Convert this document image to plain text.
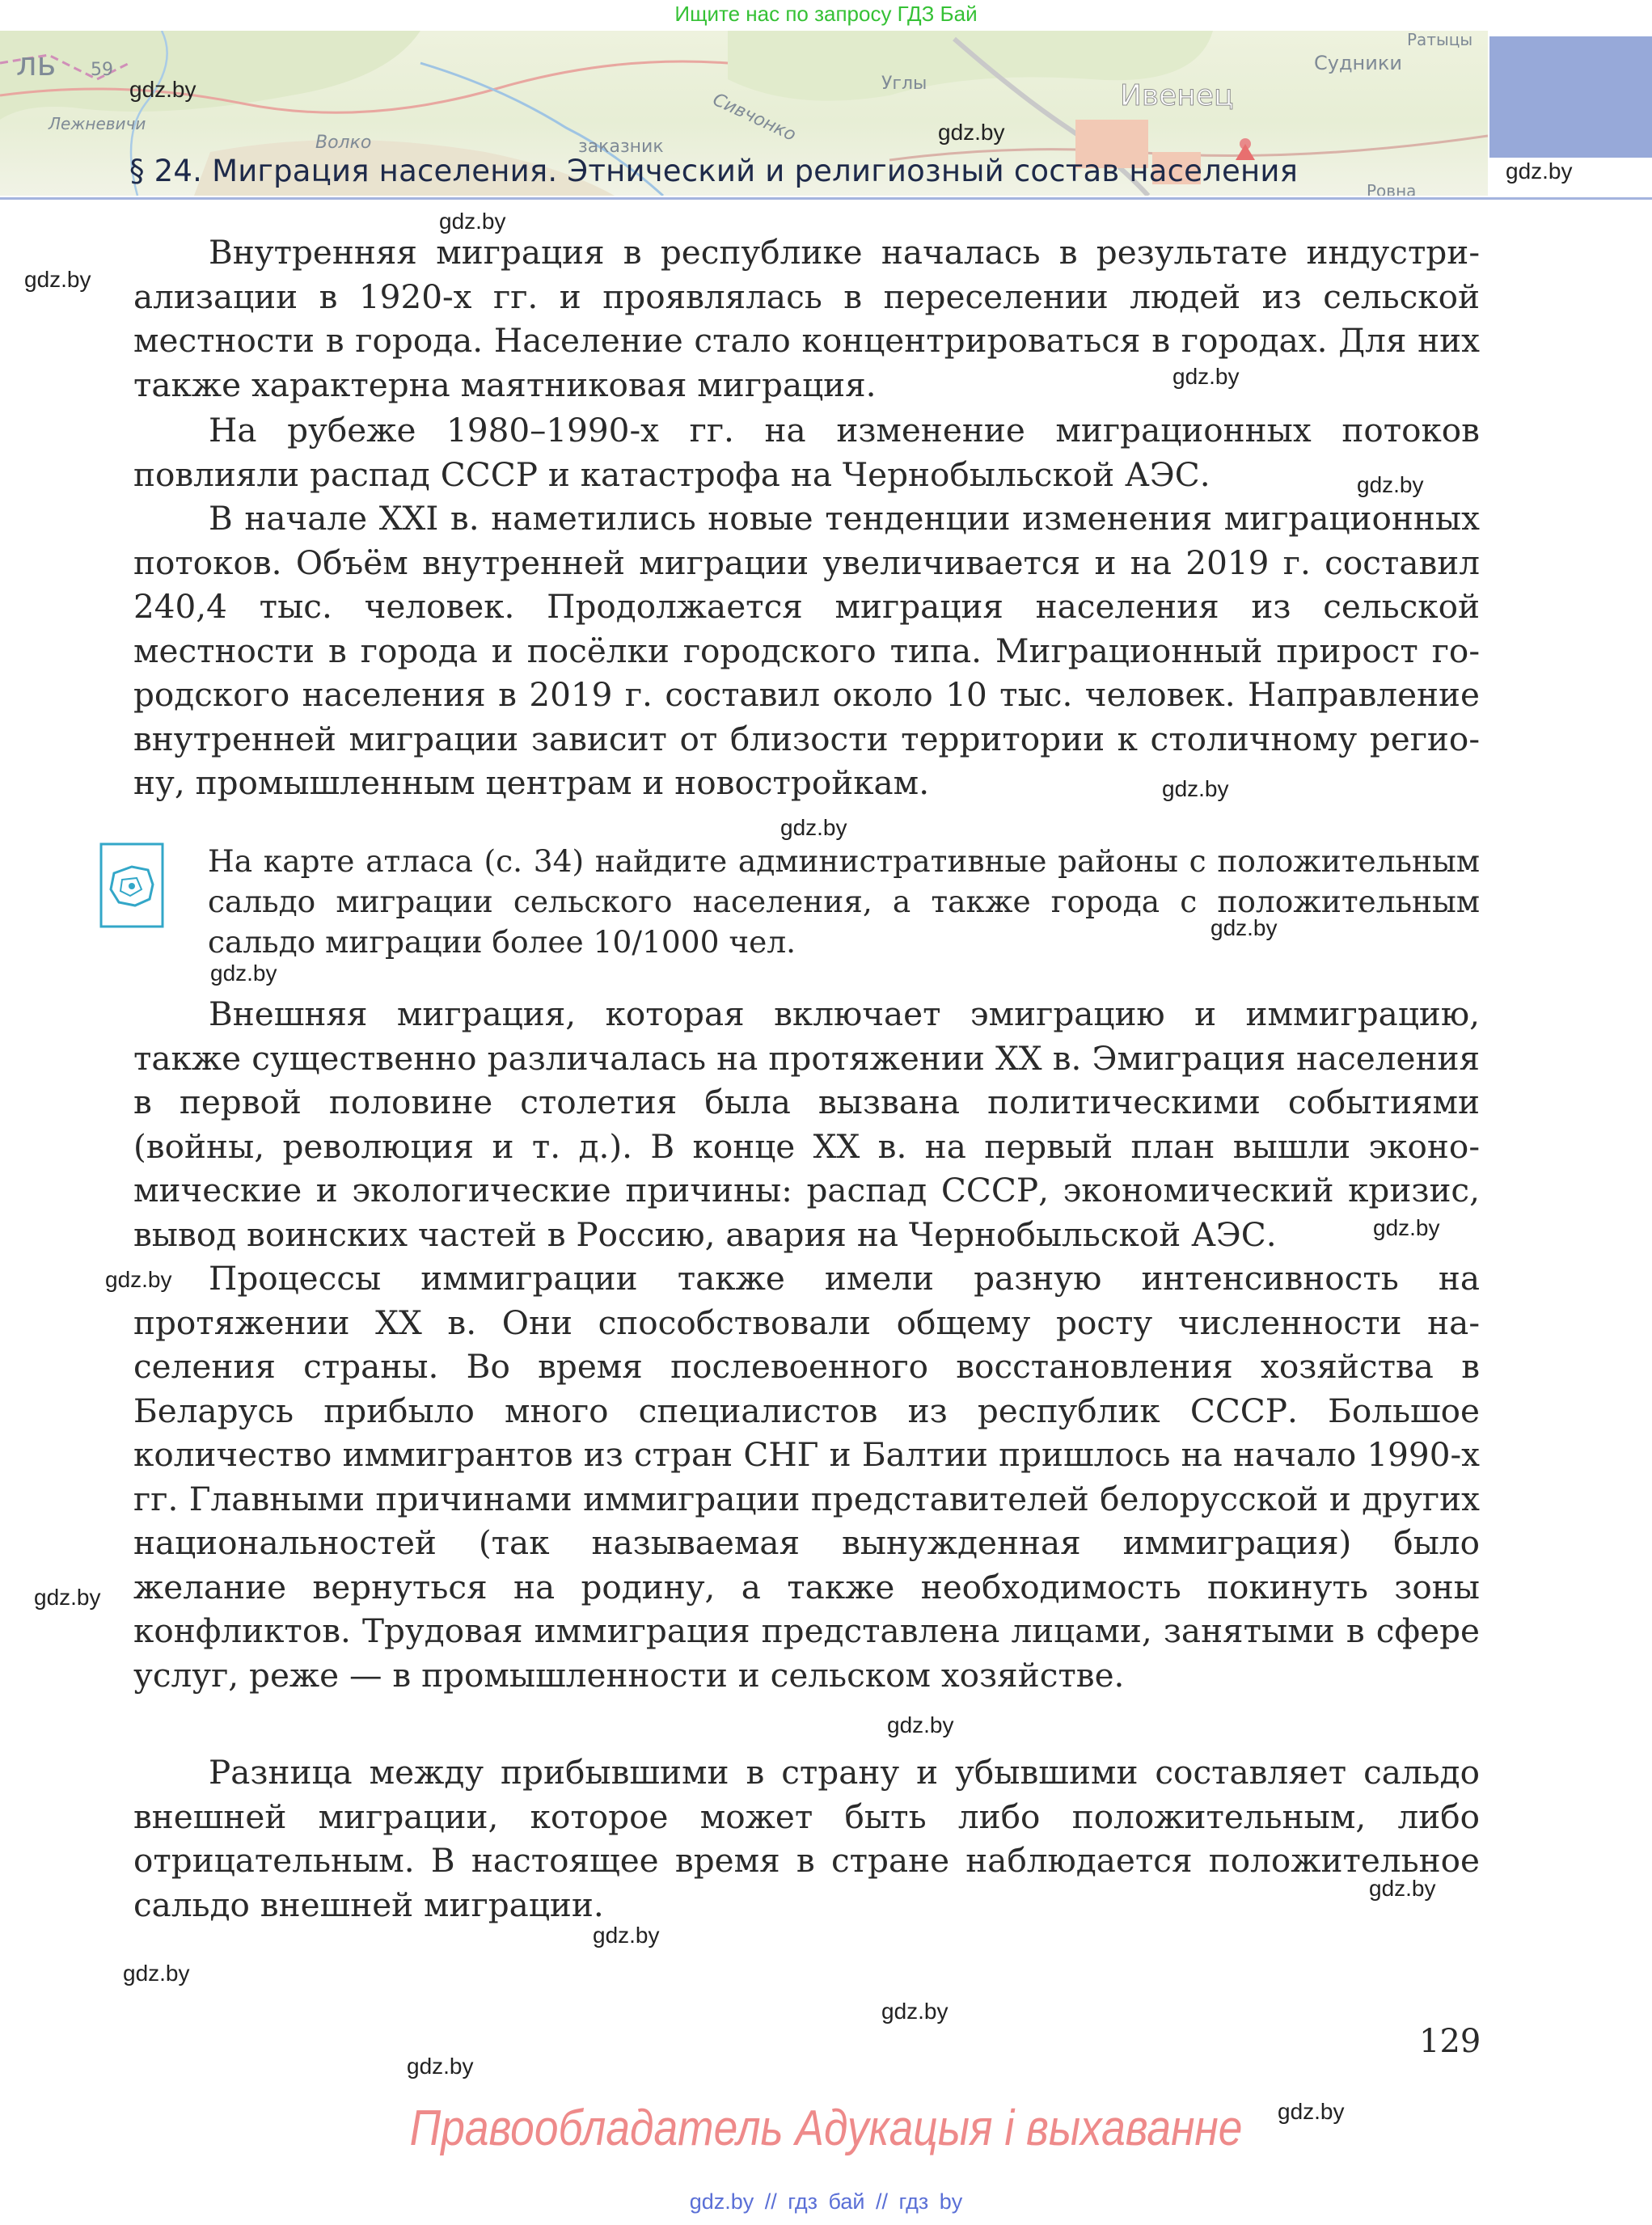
Ищите нас по запросу ГДЗ Бай
ль 59
Лежневичи
Углы
Сивчонко
заказник
Волко
Ивенец
Судники
Ратыцы
Ровна
§ 24. Миграция населения. Этнический и религиозный состав населения

Внутренняя миграция в республике началась в результате индустриализации в 1920-х гг. и проявлялась в переселении людей из сельской местности в города. Население стало концентрироваться в городах. Для них также характерна маятниковая миграция.

На рубеже 1980–1990-х гг. на изменение миграционных потоков повлияли распад СССР и катастрофа на Чернобыльской АЭС.

В начале XXI в. наметились новые тенденции изменения миграционных потоков. Объём внутренней миграции увеличивается и на 2019 г. составил 240,4 тыс. человек. Продолжается миграция населения из сельской местности в города и посёлки городского типа. Миграционный прирост городского населения в 2019 г. составил около 10 тыс. человек. Направление внутренней миграции зависит от близости территории к столичному региону, промышленным центрам и новостройкам.

На карте атласа (с. 34) найдите административные районы с положительным сальдо миграции сельского населения, а также города с положительным сальдо миграции более 10/1000 чел.

Внешняя миграция, которая включает эмиграцию и иммиграцию, также существенно различалась на протяжении XX в. Эмиграция населения в первой половине столетия была вызвана политическими событиями (войны, революция и т. д.). В конце XX в. на первый план вышли экономические и экологические причины: распад СССР, экономический кризис, вывод воинских частей в Россию, авария на Чернобыльской АЭС.

Процессы иммиграции также имели разную интенсивность на протяжении XX в. Они способствовали общему росту численности населения страны. Во время послевоенного восстановления хозяйства в Беларусь прибыло много специалистов из республик СССР. Большое количество иммигрантов из стран СНГ и Балтии пришлось на начало 1990-х гг. Главными причинами иммиграции представителей белорусской и других национальностей (так называемая вынужденная иммиграция) было желание вернуться на родину, а также необходимость покинуть зоны конфликтов. Трудовая иммиграция представлена лицами, занятыми в сфере услуг, реже — в промышленности и сельском хозяйстве.

Разница между прибывшими в страну и убывшими составляет сальдо внешней миграции, которое может быть либо положительным, либо отрицательным. В настоящее время в стране наблюдается положительное сальдо внешней миграции.

129
Правообладатель Адукацыя і выхаванне
gdz.by // гдз бай // гдз by
gdz.by
gdz.by
gdz.by
gdz.by
gdz.by
gdz.by
gdz.by
gdz.by
gdz.by
gdz.by
gdz.by
gdz.by
gdz.by
gdz.by
gdz.by
gdz.by
gdz.by
gdz.by
gdz.by
gdz.by
gdz.by
